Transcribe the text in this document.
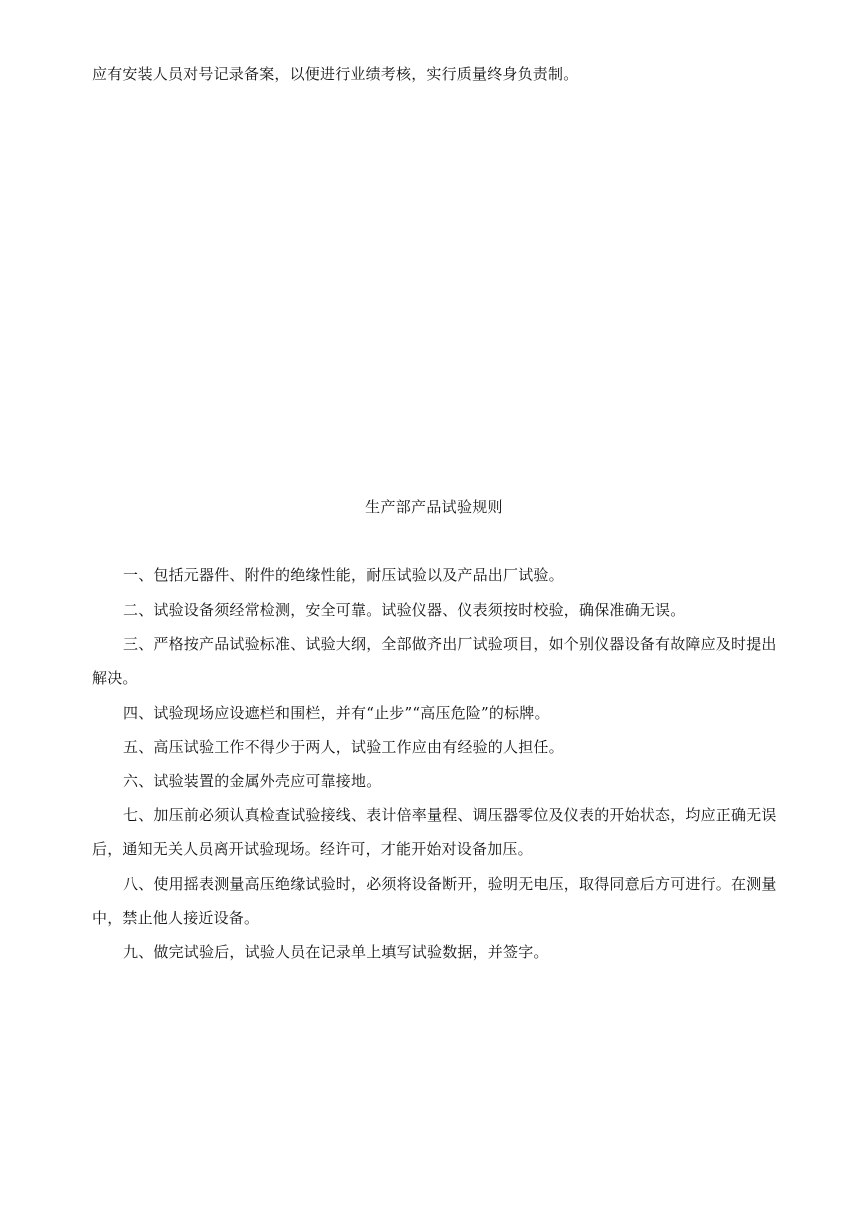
应有安装人员对号记录备案，以便进行业绩考核，实行质量终身负责制。
生产部产品试验规则
一、包括元器件、附件的绝缘性能，耐压试验以及产品出厂试验。
二、试验设备须经常检测，安全可靠。试验仪器、仪表须按时校验，确保准确无误。
三、严格按产品试验标准、试验大纲，全部做齐出厂试验项目，如个别仪器设备有故障应及时提出
解决。
四、试验现场应设遮栏和围栏，并有“止步”“高压危险”的标牌。
五、高压试验工作不得少于两人，试验工作应由有经验的人担任。
六、试验装置的金属外壳应可靠接地。
七、加压前必须认真检查试验接线、表计倍率量程、调压器零位及仪表的开始状态，均应正确无误
后，通知无关人员离开试验现场。经许可，才能开始对设备加压。
八、使用摇表测量高压绝缘试验时，必须将设备断开，验明无电压，取得同意后方可进行。在测量
中，禁止他人接近设备。
九、做完试验后，试验人员在记录单上填写试验数据，并签字。
